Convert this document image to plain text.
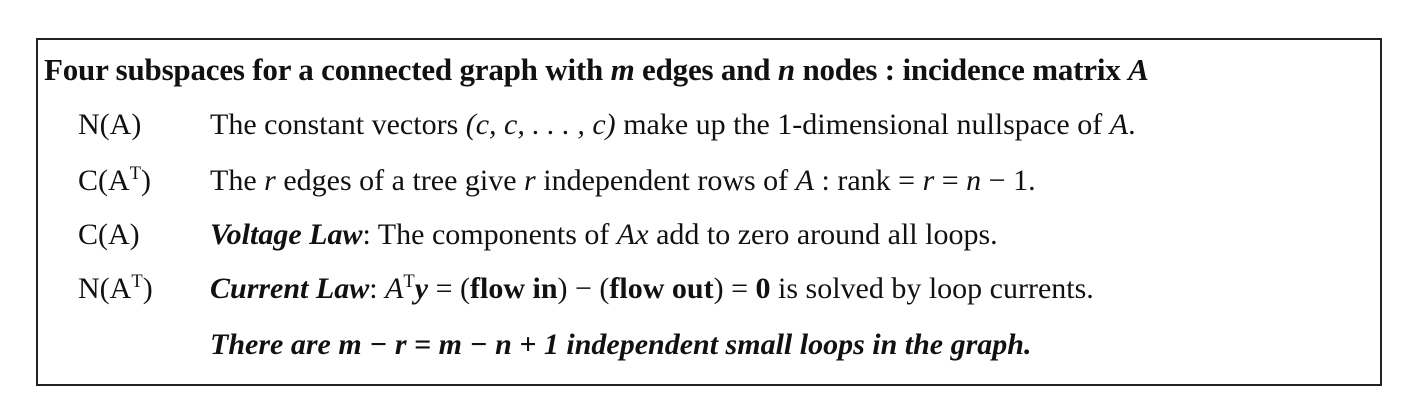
Four subspaces for a connected graph with m edges and n nodes : incidence matrix A
N(A)	The constant vectors (c, c, . . . , c) make up the 1-dimensional nullspace of A.
$C(A^T)$	The r edges of a tree give r independent rows of A : rank = r = n − 1.
C(A)	Voltage Law: The components of Ax add to zero around all loops.
$N(A^T)$	Current Law: $A^Ty$ = (flow in) − (flow out) = 0 is solved by loop currents.
There are m − r = m − n + 1 independent small loops in the graph.
